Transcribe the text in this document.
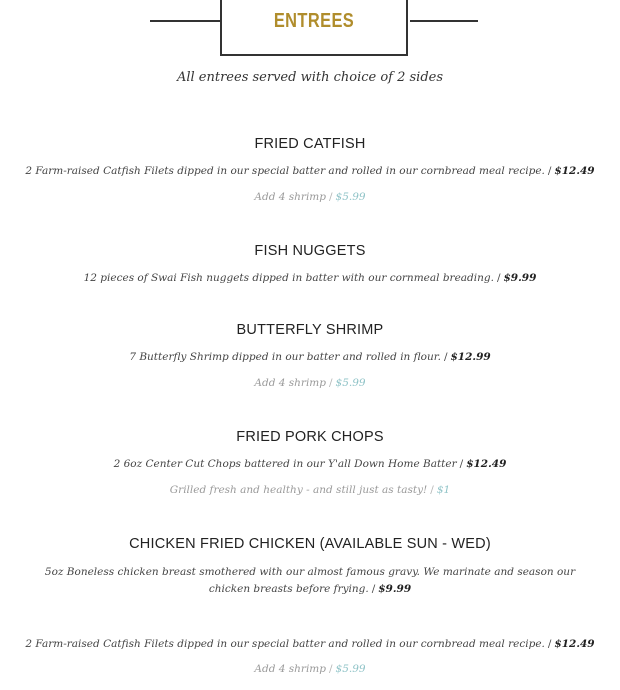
ENTREES
All entrees served with choice of 2 sides
FRIED CATFISH
2 Farm-raised Catfish Filets dipped in our special batter and rolled in our cornbread meal recipe. / $12.49
Add 4 shrimp / $5.99
FISH NUGGETS
12 pieces of Swai Fish nuggets dipped in batter with our cornmeal breading. / $9.99
BUTTERFLY SHRIMP
7 Butterfly Shrimp dipped in our batter and rolled in flour. / $12.99
Add 4 shrimp / $5.99
FRIED PORK CHOPS
2 6oz Center Cut Chops battered in our Y'all Down Home Batter / $12.49
Grilled fresh and healthy - and still just as tasty! / $1
CHICKEN FRIED CHICKEN (AVAILABLE SUN - WED)
5oz Boneless chicken breast smothered with our almost famous gravy. We marinate and season our chicken breasts before frying. / $9.99
2 Farm-raised Catfish Filets dipped in our special batter and rolled in our cornbread meal recipe. / $12.49
Add 4 shrimp / $5.99
